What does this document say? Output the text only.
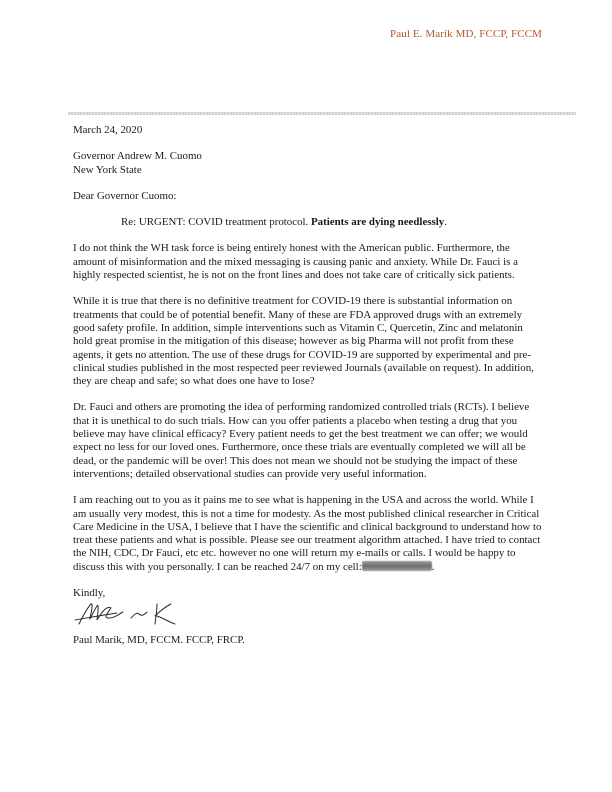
Paul E. Marik MD, FCCP, FCCM

March 24, 2020

Governor Andrew M. Cuomo

New York State

Dear Governor Cuomo:

Re: URGENT: COVID treatment protocol. Patients are dying needlessly.

I do not think the WH task force is being entirely honest with the American public. Furthermore, the amount of misinformation and the mixed messaging is causing panic and anxiety. While Dr. Fauci is a highly respected scientist, he is not on the front lines and does not take care of critically sick patients.

While it is true that there is no definitive treatment for COVID-19 there is substantial information on treatments that could be of potential benefit. Many of these are FDA approved drugs with an extremely good safety profile. In addition, simple interventions such as Vitamin C, Quercetin, Zinc and melatonin hold great promise in the mitigation of this disease; however as big Pharma will not profit from these agents, it gets no attention. The use of these drugs for COVID-19 are supported by experimental and pre-clinical studies published in the most respected peer reviewed Journals (available on request). In addition, they are cheap and safe; so what does one have to lose?

Dr. Fauci and others are promoting the idea of performing randomized controlled trials (RCTs). I believe that it is unethical to do such trials. How can you offer patients a placebo when testing a drug that you believe may have clinical efficacy? Every patient needs to get the best treatment we can offer; we would expect no less for our loved ones. Furthermore, once these trials are eventually completed we will all be dead, or the pandemic will be over! This does not mean we should not be studying the impact of these interventions; detailed observational studies can provide very useful information.

I am reaching out to you as it pains me to see what is happening in the USA and across the world. While I am usually very modest, this is not a time for modesty. As the most published clinical researcher in Critical Care Medicine in the USA, I believe that I have the scientific and clinical background to understand how to treat these patients and what is possible. Please see our treatment algorithm attached. I have tried to contact the NIH, CDC, Dr Fauci, etc etc. however no one will return my e-mails or calls. I would be happy to discuss this with you personally. I can be reached 24/7 on my cell:	.

Kindly,

Paul Marik, MD, FCCM. FCCP, FRCP.
